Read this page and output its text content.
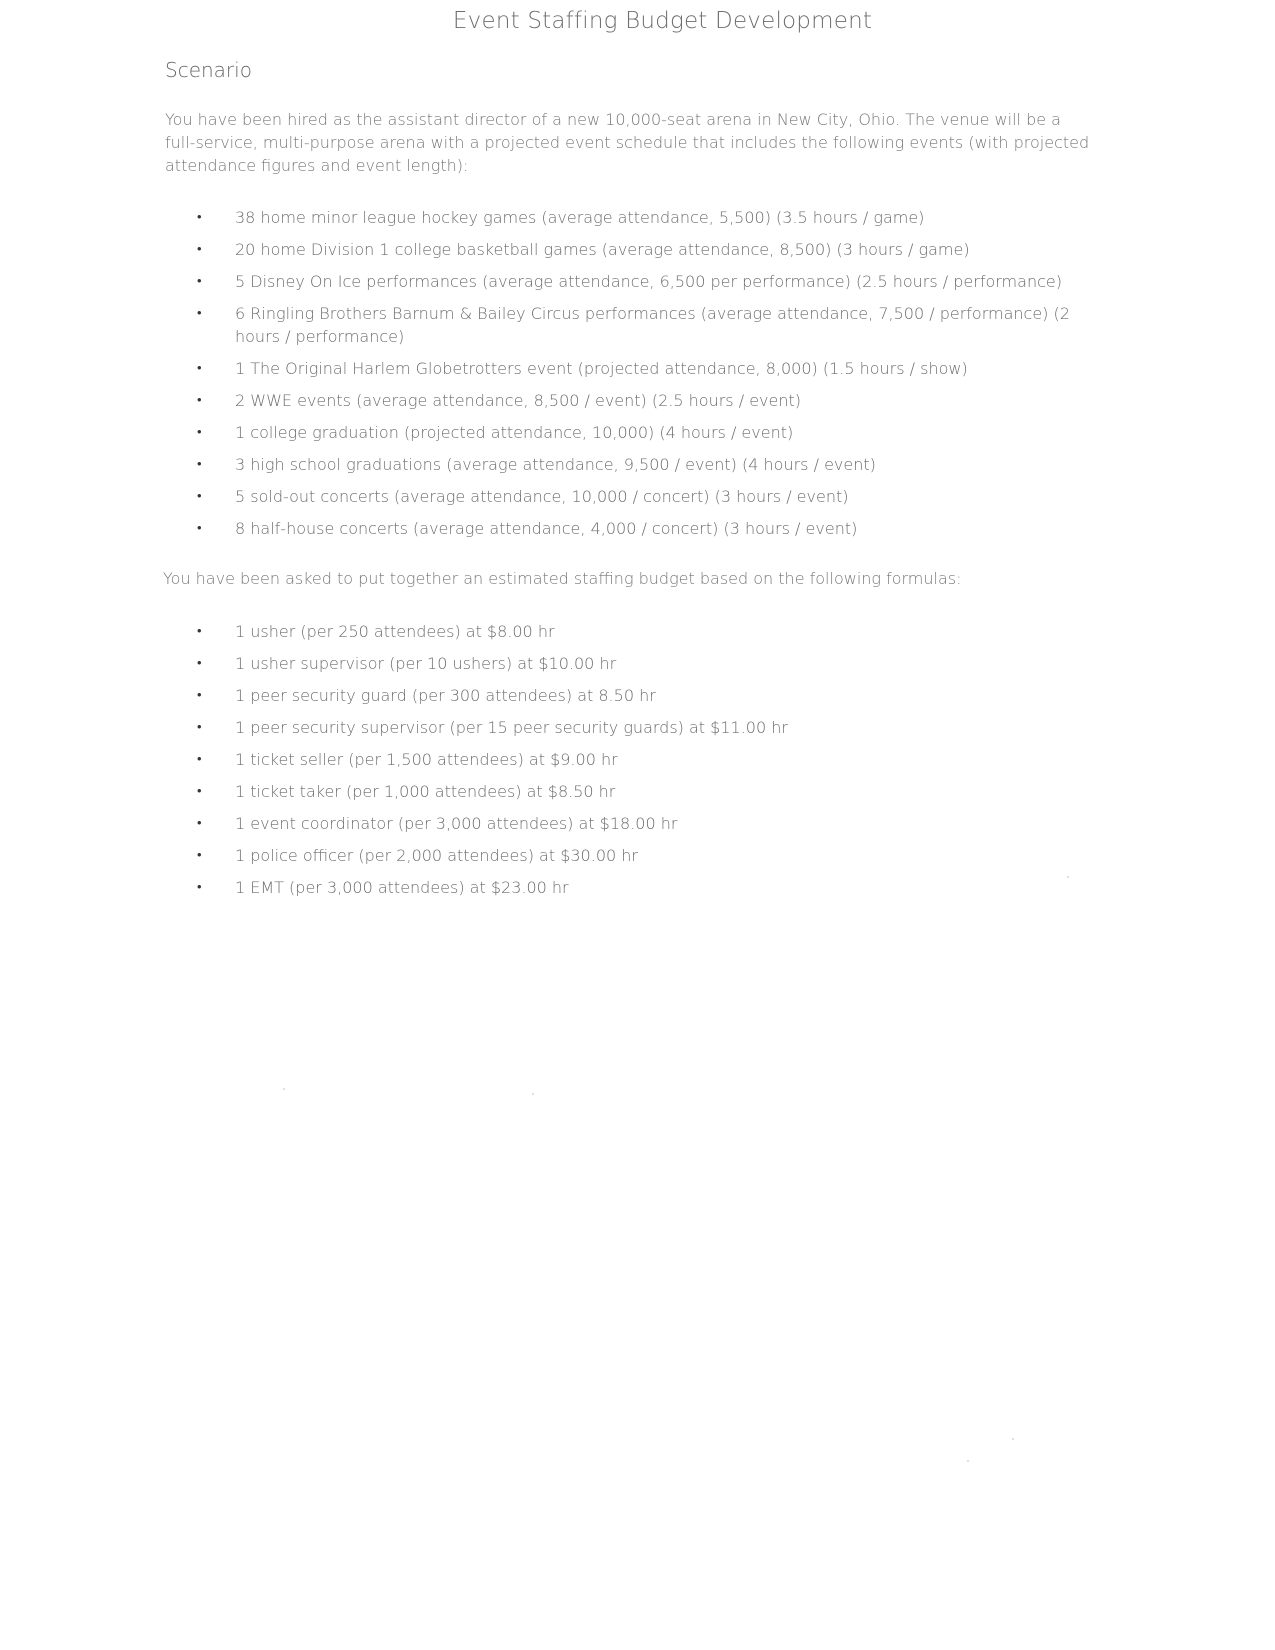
Event Staffing Budget Development
Scenario
You have been hired as the assistant director of a new 10,000-seat arena in New City, Ohio. The venue will be a full-service, multi-purpose arena with a projected event schedule that includes the following events (with projected attendance figures and event length):
•	38 home minor league hockey games (average attendance, 5,500) (3.5 hours / game)
•	20 home Division 1 college basketball games (average attendance, 8,500) (3 hours / game)
•	5 Disney On Ice performances (average attendance, 6,500 per performance) (2.5 hours / performance)
•	6 Ringling Brothers Barnum & Bailey Circus performances (average attendance, 7,500 / performance) (2 hours / performance)
•	1 The Original Harlem Globetrotters event (projected attendance, 8,000) (1.5 hours / show)
•	2 WWE events (average attendance, 8,500 / event) (2.5 hours / event)
•	1 college graduation (projected attendance, 10,000) (4 hours / event)
•	3 high school graduations (average attendance, 9,500 / event) (4 hours / event)
•	5 sold-out concerts (average attendance, 10,000 / concert) (3 hours / event)
•	8 half-house concerts (average attendance, 4,000 / concert) (3 hours / event)
You have been asked to put together an estimated staffing budget based on the following formulas:
•	1 usher (per 250 attendees) at $8.00 hr
•	1 usher supervisor (per 10 ushers) at $10.00 hr
•	1 peer security guard (per 300 attendees) at 8.50 hr
•	1 peer security supervisor (per 15 peer security guards) at $11.00 hr
•	1 ticket seller (per 1,500 attendees) at $9.00 hr
•	1 ticket taker (per 1,000 attendees) at $8.50 hr
•	1 event coordinator (per 3,000 attendees) at $18.00 hr
•	1 police officer (per 2,000 attendees) at $30.00 hr
•	1 EMT (per 3,000 attendees) at $23.00 hr
